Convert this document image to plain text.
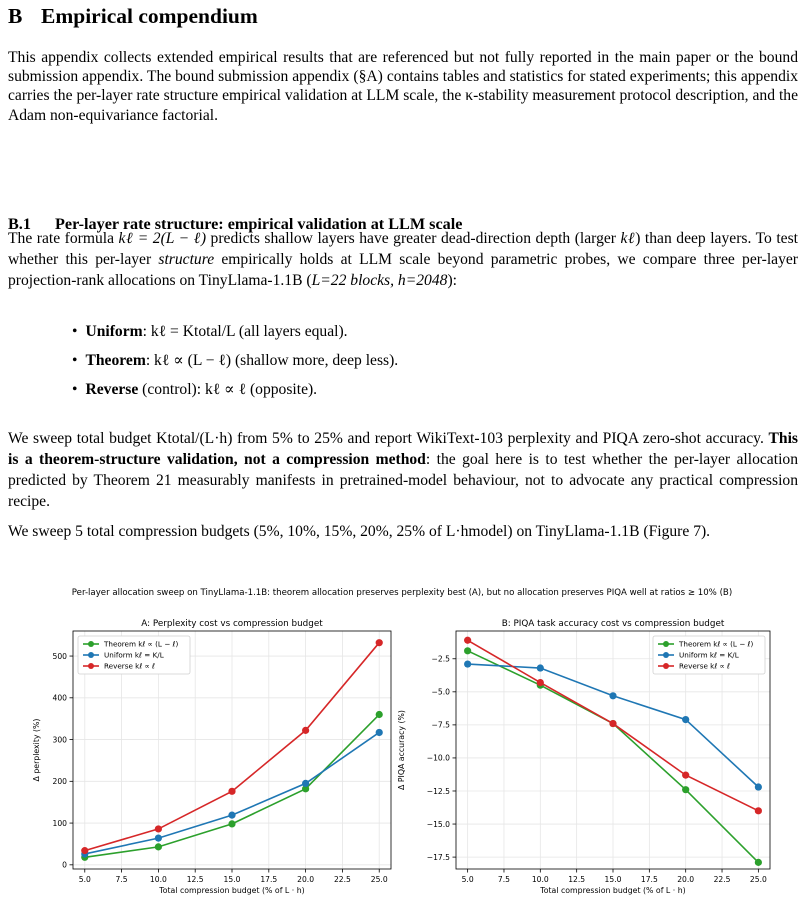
B Empirical compendium

This appendix collects extended empirical results that are referenced but not fully reported in the main paper or the bound submission appendix. The bound submission appendix (§A) contains tables and statistics for stated experiments; this appendix carries the per-layer rate structure empirical validation at LLM scale, the κ-stability measurement protocol description, and the Adam non-equivariance factorial.

B.1 Per-layer rate structure: empirical validation at LLM scale

The rate formula kℓ = 2(L − ℓ) predicts shallow layers have greater dead-direction depth (larger kℓ) than deep layers. To test whether this per-layer structure empirically holds at LLM scale beyond parametric probes, we compare three per-layer projection-rank allocations on TinyLlama-1.1B (L=22 blocks, h=2048):

• Uniform: kℓ = Ktotal/L (all layers equal).
• Theorem: kℓ ∝ (L − ℓ) (shallow more, deep less).
• Reverse (control): kℓ ∝ ℓ (opposite).

We sweep total budget Ktotal/(L·h) from 5% to 25% and report WikiText-103 perplexity and PIQA zero-shot accuracy. This is a theorem-structure validation, not a compression method: the goal here is to test whether the per-layer allocation predicted by Theorem 21 measurably manifests in pretrained-model behaviour, not to advocate any practical compression recipe.

We sweep 5 total compression budgets (5%, 10%, 15%, 20%, 25% of L·hmodel) on TinyLlama-1.1B (Figure 7).

Per-layer allocation sweep on TinyLlama-1.1B: theorem allocation preserves perplexity best (A), but no allocation preserves PIQA well at ratios ≥ 10% (B)
5.0	7.5	10.0	12.5	15.0	17.5	20.0	22.5	25.0
0
100
200
300
400
500
A: Perplexity cost vs compression budget
Total compression budget (% of L · h)
Δ perplexity (%)
Theorem kℓ ∝ (L − ℓ)
Uniform kℓ = K/L
Reverse kℓ ∝ ℓ
5.0	7.5	10.0	12.5	15.0	17.5	20.0	22.5	25.0
−2.5
−5.0
−7.5
−10.0
−12.5
−15.0
−17.5
B: PIQA task accuracy cost vs compression budget
Total compression budget (% of L · h)
Δ PIQA accuracy (%)
Theorem kℓ ∝ (L − ℓ)
Uniform kℓ = K/L
Reverse kℓ ∝ ℓ
